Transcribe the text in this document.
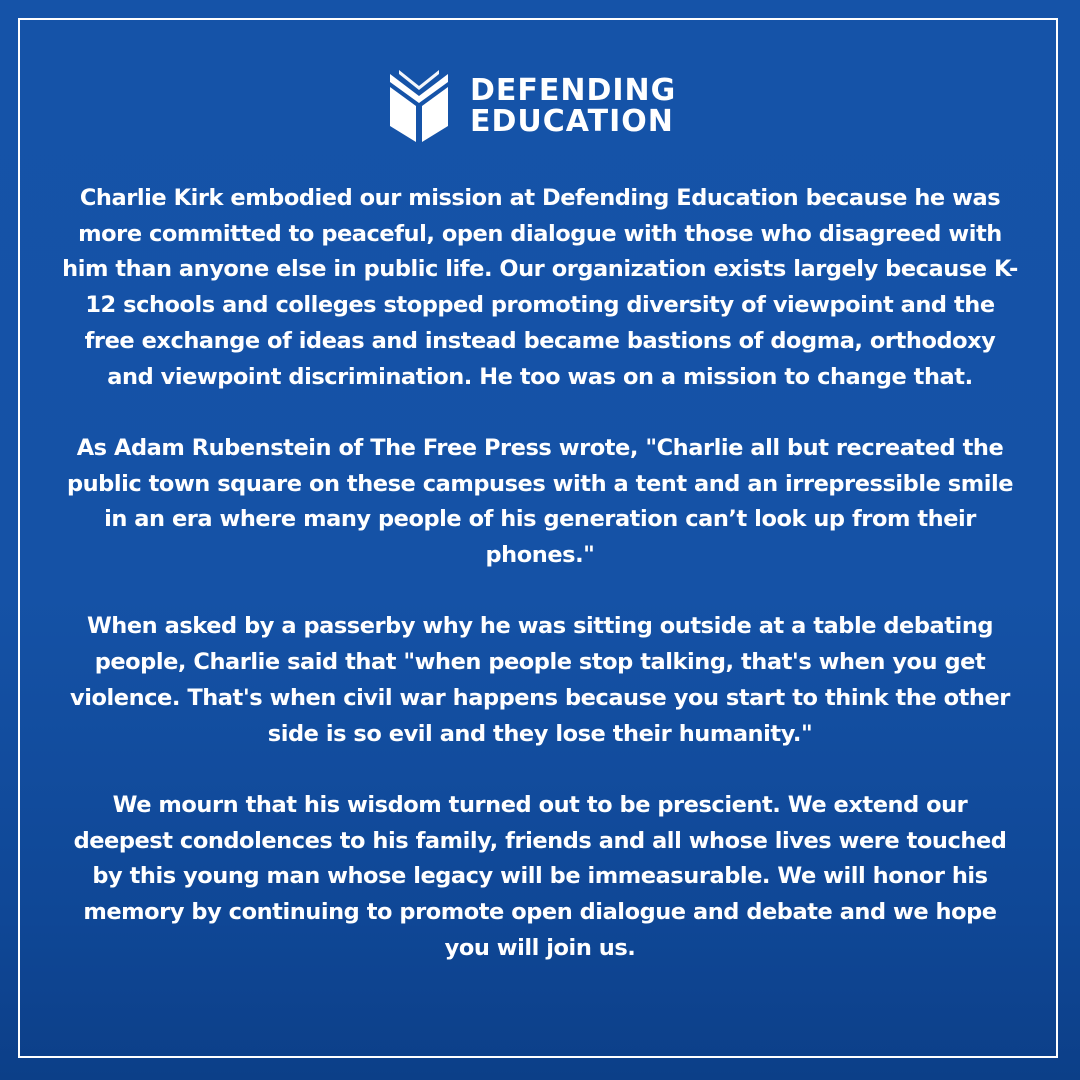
DEFENDING
EDUCATION

Charlie Kirk embodied our mission at Defending Education because he was more committed to peaceful, open dialogue with those who disagreed with him than anyone else in public life. Our organization exists largely because K-12 schools and colleges stopped promoting diversity of viewpoint and the free exchange of ideas and instead became bastions of dogma, orthodoxy and viewpoint discrimination. He too was on a mission to change that.

As Adam Rubenstein of The Free Press wrote, "Charlie all but recreated the public town square on these campuses with a tent and an irrepressible smile in an era where many people of his generation can’t look up from their phones."

When asked by a passerby why he was sitting outside at a table debating people, Charlie said that "when people stop talking, that's when you get violence. That's when civil war happens because you start to think the other side is so evil and they lose their humanity."

We mourn that his wisdom turned out to be prescient. We extend our deepest condolences to his family, friends and all whose lives were touched by this young man whose legacy will be immeasurable. We will honor his memory by continuing to promote open dialogue and debate and we hope you will join us.
